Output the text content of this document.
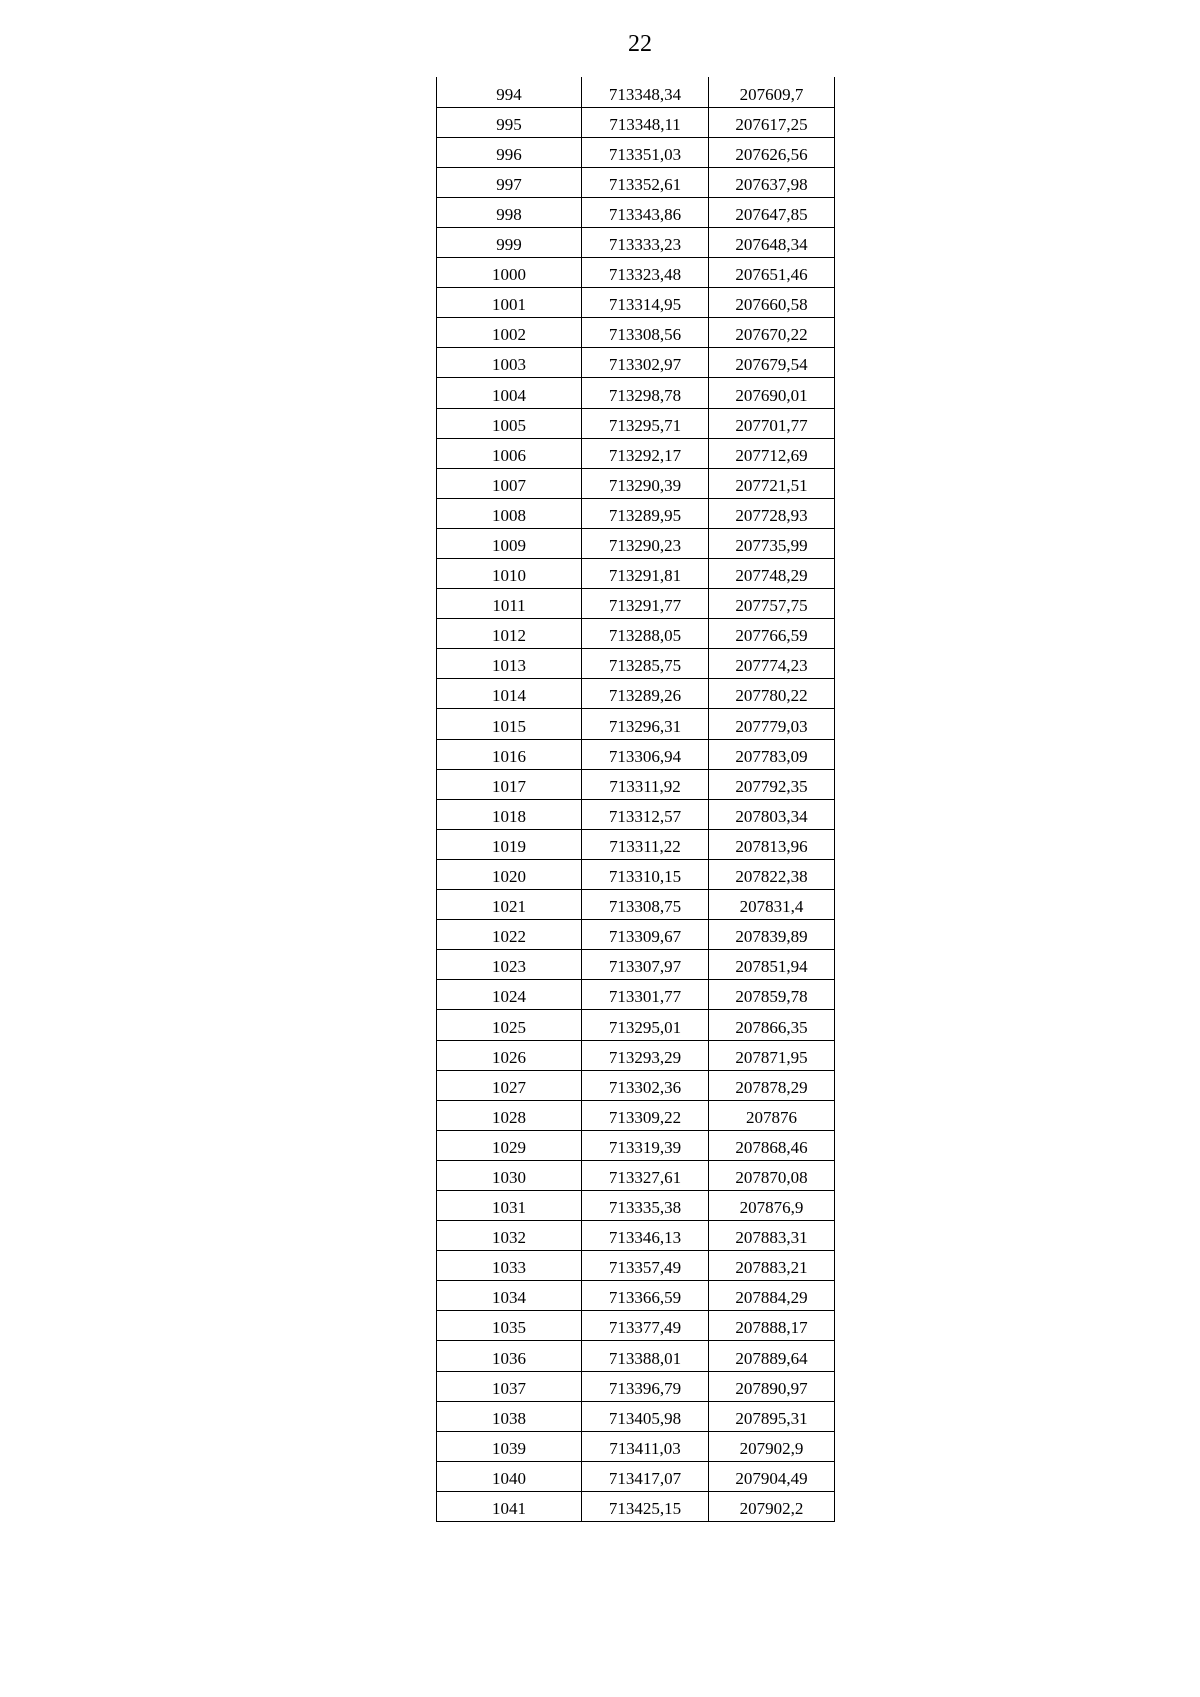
22
994	713348,34	207609,7
995	713348,11	207617,25
996	713351,03	207626,56
997	713352,61	207637,98
998	713343,86	207647,85
999	713333,23	207648,34
1000	713323,48	207651,46
1001	713314,95	207660,58
1002	713308,56	207670,22
1003	713302,97	207679,54
1004	713298,78	207690,01
1005	713295,71	207701,77
1006	713292,17	207712,69
1007	713290,39	207721,51
1008	713289,95	207728,93
1009	713290,23	207735,99
1010	713291,81	207748,29
1011	713291,77	207757,75
1012	713288,05	207766,59
1013	713285,75	207774,23
1014	713289,26	207780,22
1015	713296,31	207779,03
1016	713306,94	207783,09
1017	713311,92	207792,35
1018	713312,57	207803,34
1019	713311,22	207813,96
1020	713310,15	207822,38
1021	713308,75	207831,4
1022	713309,67	207839,89
1023	713307,97	207851,94
1024	713301,77	207859,78
1025	713295,01	207866,35
1026	713293,29	207871,95
1027	713302,36	207878,29
1028	713309,22	207876
1029	713319,39	207868,46
1030	713327,61	207870,08
1031	713335,38	207876,9
1032	713346,13	207883,31
1033	713357,49	207883,21
1034	713366,59	207884,29
1035	713377,49	207888,17
1036	713388,01	207889,64
1037	713396,79	207890,97
1038	713405,98	207895,31
1039	713411,03	207902,9
1040	713417,07	207904,49
1041	713425,15	207902,2
